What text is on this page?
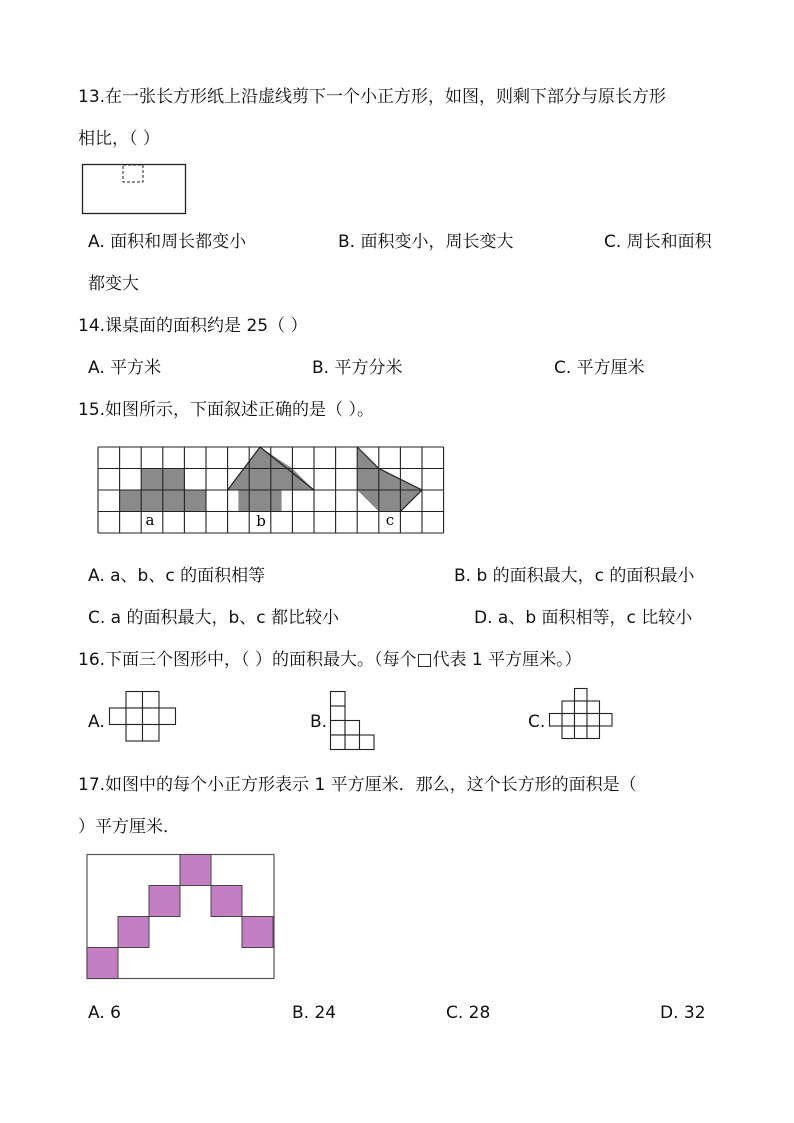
13.在一张长方形纸上沿虚线剪下一个小正方形，如图，则剩下部分与原长方形
相比，（ ）
A. 面积和周长都变小	B. 面积变小，周长变大	C. 周长和面积
都变大
14.课桌面的面积约是 25（ ）
A. 平方米	B. 平方分米	C. 平方厘米
15.如图所示，下面叙述正确的是（ ）。
a	b	c
A. a、b、c 的面积相等	B. b 的面积最大，c 的面积最小
C. a 的面积最大，b、c 都比较小	D. a、b 面积相等，c 比较小
16.下面三个图形中，（ ）的面积最大。（每个□代表 1 平方厘米。）
A.	B.	C.
17.如图中的每个小正方形表示 1 平方厘米．那么，这个长方形的面积是（
）平方厘米．
A. 6	B. 24	C. 28	D. 32
